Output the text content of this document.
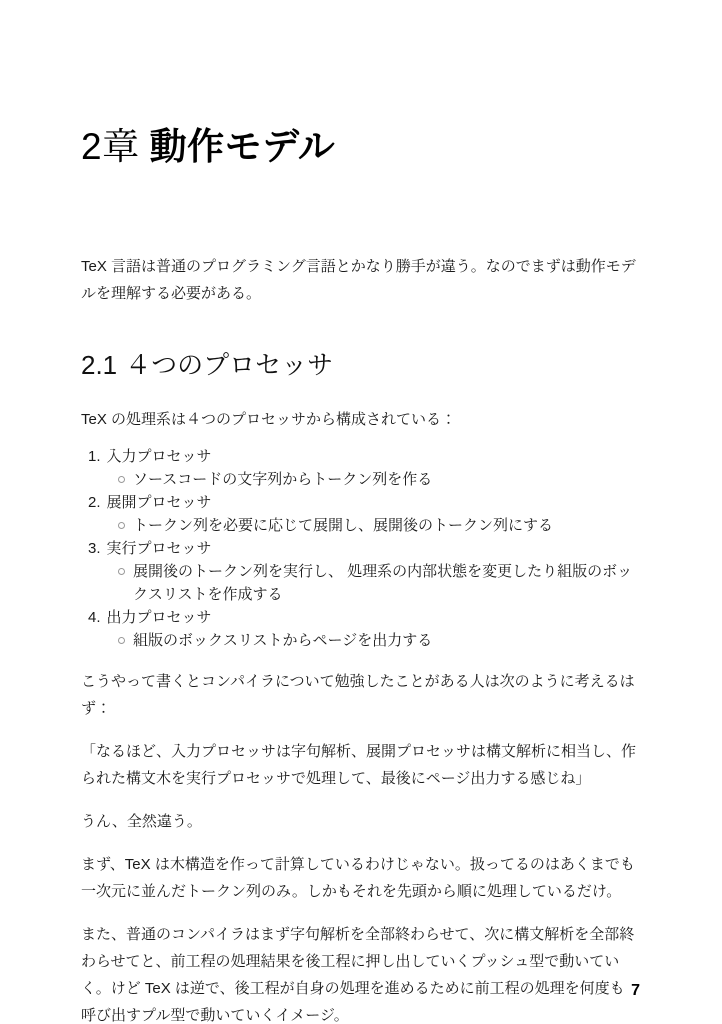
2章 動作モデル

TeX 言語は普通のプログラミング言語とかなり勝手が違う。なのでまずは動作モデルを理解する必要がある。

2.1 ４つのプロセッサ

TeX の処理系は４つのプロセッサから構成されている：

1. 入力プロセッサ
ソースコードの文字列からトークン列を作る
2. 展開プロセッサ
トークン列を必要に応じて展開し、展開後のトークン列にする
3. 実行プロセッサ
展開後のトークン列を実行し、 処理系の内部状態を変更したり組版のボックスリストを作成する
4. 出力プロセッサ
組版のボックスリストからページを出力する

こうやって書くとコンパイラについて勉強したことがある人は次のように考えるはず：

「なるほど、入力プロセッサは字句解析、展開プロセッサは構文解析に相当し、作られた構文木を実行プロセッサで処理して、最後にページ出力する感じね」

うん、全然違う。

まず、TeX は木構造を作って計算しているわけじゃない。扱ってるのはあくまでも一次元に並んだトークン列のみ。しかもそれを先頭から順に処理しているだけ。

また、普通のコンパイラはまず字句解析を全部終わらせて、次に構文解析を全部終わらせてと、前工程の処理結果を後工程に押し出していくプッシュ型で動いていく。けど TeX は逆で、後工程が自身の処理を進めるために前工程の処理を何度も呼び出すプル型で動いていくイメージ。

7
